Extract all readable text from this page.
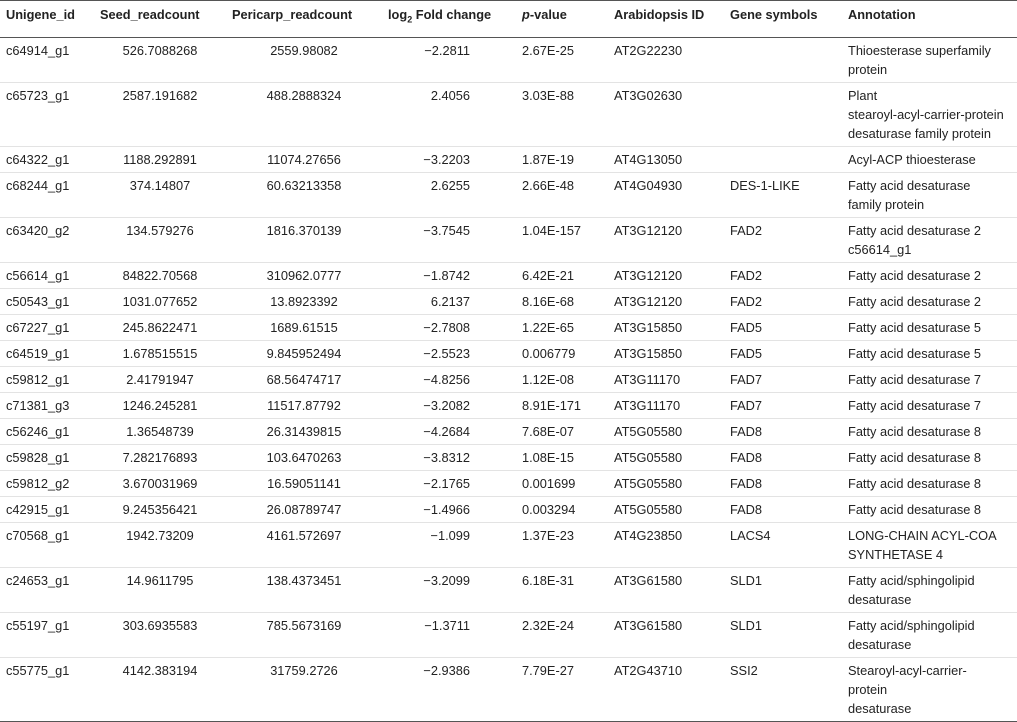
Unigene_id	Seed_readcount	Pericarp_readcount	$\log_2$ Fold change	p-value	Arabidopsis ID	Gene symbols	Annotation
c64914_g1	526.7088268	2559.98082	−2.2811	2.67E-25	AT2G22230		Thioesterase superfamily
protein
c65723_g1	2587.191682	488.2888324	2.4056	3.03E-88	AT3G02630		Plant
stearoyl-acyl-carrier-protein
desaturase family protein
c64322_g1	1188.292891	11074.27656	−3.2203	1.87E-19	AT4G13050		Acyl-ACP thioesterase
c68244_g1	374.14807	60.63213358	2.6255	2.66E-48	AT4G04930	DES-1-LIKE	Fatty acid desaturase
family protein
c63420_g2	134.579276	1816.370139	−3.7545	1.04E-157	AT3G12120	FAD2	Fatty acid desaturase 2
c56614_g1
c56614_g1	84822.70568	310962.0777	−1.8742	6.42E-21	AT3G12120	FAD2	Fatty acid desaturase 2
c50543_g1	1031.077652	13.8923392	6.2137	8.16E-68	AT3G12120	FAD2	Fatty acid desaturase 2
c67227_g1	245.8622471	1689.61515	−2.7808	1.22E-65	AT3G15850	FAD5	Fatty acid desaturase 5
c64519_g1	1.678515515	9.845952494	−2.5523	0.006779	AT3G15850	FAD5	Fatty acid desaturase 5
c59812_g1	2.41791947	68.56474717	−4.8256	1.12E-08	AT3G11170	FAD7	Fatty acid desaturase 7
c71381_g3	1246.245281	11517.87792	−3.2082	8.91E-171	AT3G11170	FAD7	Fatty acid desaturase 7
c56246_g1	1.36548739	26.31439815	−4.2684	7.68E-07	AT5G05580	FAD8	Fatty acid desaturase 8
c59828_g1	7.282176893	103.6470263	−3.8312	1.08E-15	AT5G05580	FAD8	Fatty acid desaturase 8
c59812_g2	3.670031969	16.59051141	−2.1765	0.001699	AT5G05580	FAD8	Fatty acid desaturase 8
c42915_g1	9.245356421	26.08789747	−1.4966	0.003294	AT5G05580	FAD8	Fatty acid desaturase 8
c70568_g1	1942.73209	4161.572697	−1.099	1.37E-23	AT4G23850	LACS4	LONG-CHAIN ACYL-COA
SYNTHETASE 4
c24653_g1	14.9611795	138.4373451	−3.2099	6.18E-31	AT3G61580	SLD1	Fatty acid/sphingolipid
desaturase
c55197_g1	303.6935583	785.5673169	−1.3711	2.32E-24	AT3G61580	SLD1	Fatty acid/sphingolipid
desaturase
c55775_g1	4142.383194	31759.2726	−2.9386	7.79E-27	AT2G43710	SSI2	Stearoyl-acyl-carrier-
protein
desaturase
